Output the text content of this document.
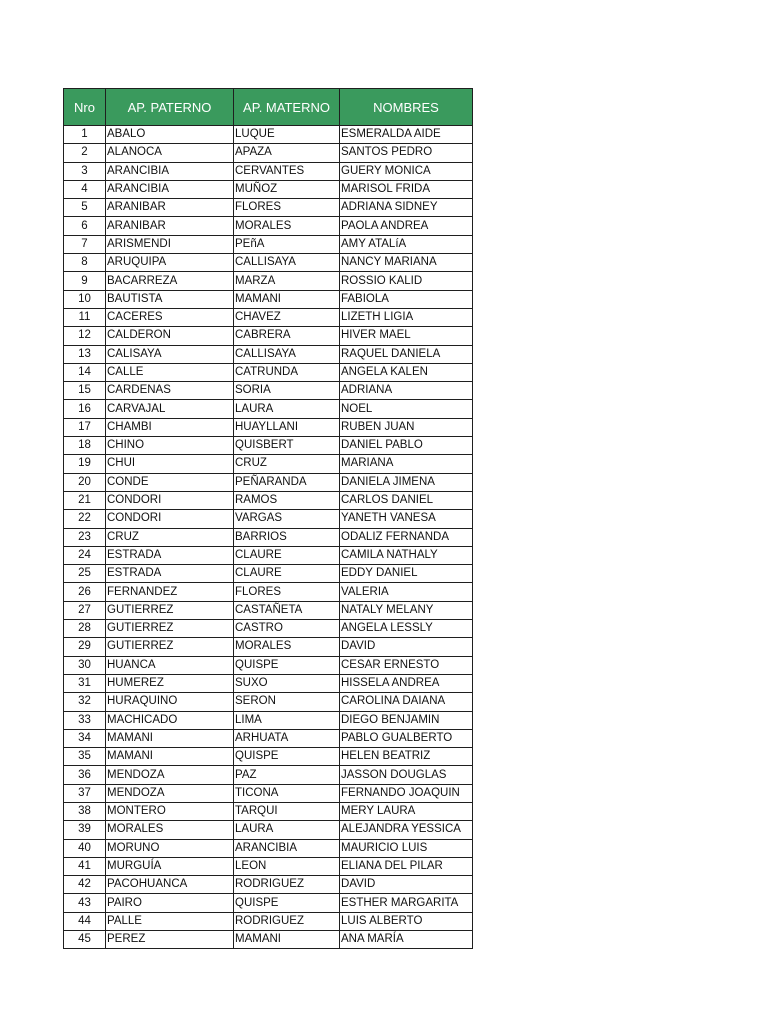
Nro	AP. PATERNO	AP. MATERNO	NOMBRES
1	ABALO	LUQUE	ESMERALDA AIDE
2	ALANOCA	APAZA	SANTOS PEDRO
3	ARANCIBIA	CERVANTES	GUERY MONICA
4	ARANCIBIA	MUÑOZ	MARISOL FRIDA
5	ARANIBAR	FLORES	ADRIANA SIDNEY
6	ARANIBAR	MORALES	PAOLA ANDREA
7	ARISMENDI	PEñA	AMY ATALíA
8	ARUQUIPA	CALLISAYA	NANCY MARIANA
9	BACARREZA	MARZA	ROSSIO KALID
10	BAUTISTA	MAMANI	FABIOLA
11	CACERES	CHAVEZ	LIZETH LIGIA
12	CALDERON	CABRERA	HIVER MAEL
13	CALISAYA	CALLISAYA	RAQUEL DANIELA
14	CALLE	CATRUNDA	ANGELA KALEN
15	CARDENAS	SORIA	ADRIANA
16	CARVAJAL	LAURA	NOEL
17	CHAMBI	HUAYLLANI	RUBEN JUAN
18	CHINO	QUISBERT	DANIEL PABLO
19	CHUI	CRUZ	MARIANA
20	CONDE	PEÑARANDA	DANIELA JIMENA
21	CONDORI	RAMOS	CARLOS DANIEL
22	CONDORI	VARGAS	YANETH VANESA
23	CRUZ	BARRIOS	ODALIZ FERNANDA
24	ESTRADA	CLAURE	CAMILA NATHALY
25	ESTRADA	CLAURE	EDDY DANIEL
26	FERNANDEZ	FLORES	VALERIA
27	GUTIERREZ	CASTAÑETA	NATALY MELANY
28	GUTIERREZ	CASTRO	ANGELA LESSLY
29	GUTIERREZ	MORALES	DAVID
30	HUANCA	QUISPE	CESAR ERNESTO
31	HUMEREZ	SUXO	HISSELA ANDREA
32	HURAQUINO	SERON	CAROLINA DAIANA
33	MACHICADO	LIMA	DIEGO BENJAMIN
34	MAMANI	ARHUATA	PABLO GUALBERTO
35	MAMANI	QUISPE	HELEN BEATRIZ
36	MENDOZA	PAZ	JASSON DOUGLAS
37	MENDOZA	TICONA	FERNANDO JOAQUIN
38	MONTERO	TARQUI	MERY LAURA
39	MORALES	LAURA	ALEJANDRA YESSICA
40	MORUNO	ARANCIBIA	MAURICIO LUIS
41	MURGUÍA	LEON	ELIANA DEL PILAR
42	PACOHUANCA	RODRIGUEZ	DAVID
43	PAIRO	QUISPE	ESTHER MARGARITA
44	PALLE	RODRIGUEZ	LUIS ALBERTO
45	PEREZ	MAMANI	ANA MARÍA
